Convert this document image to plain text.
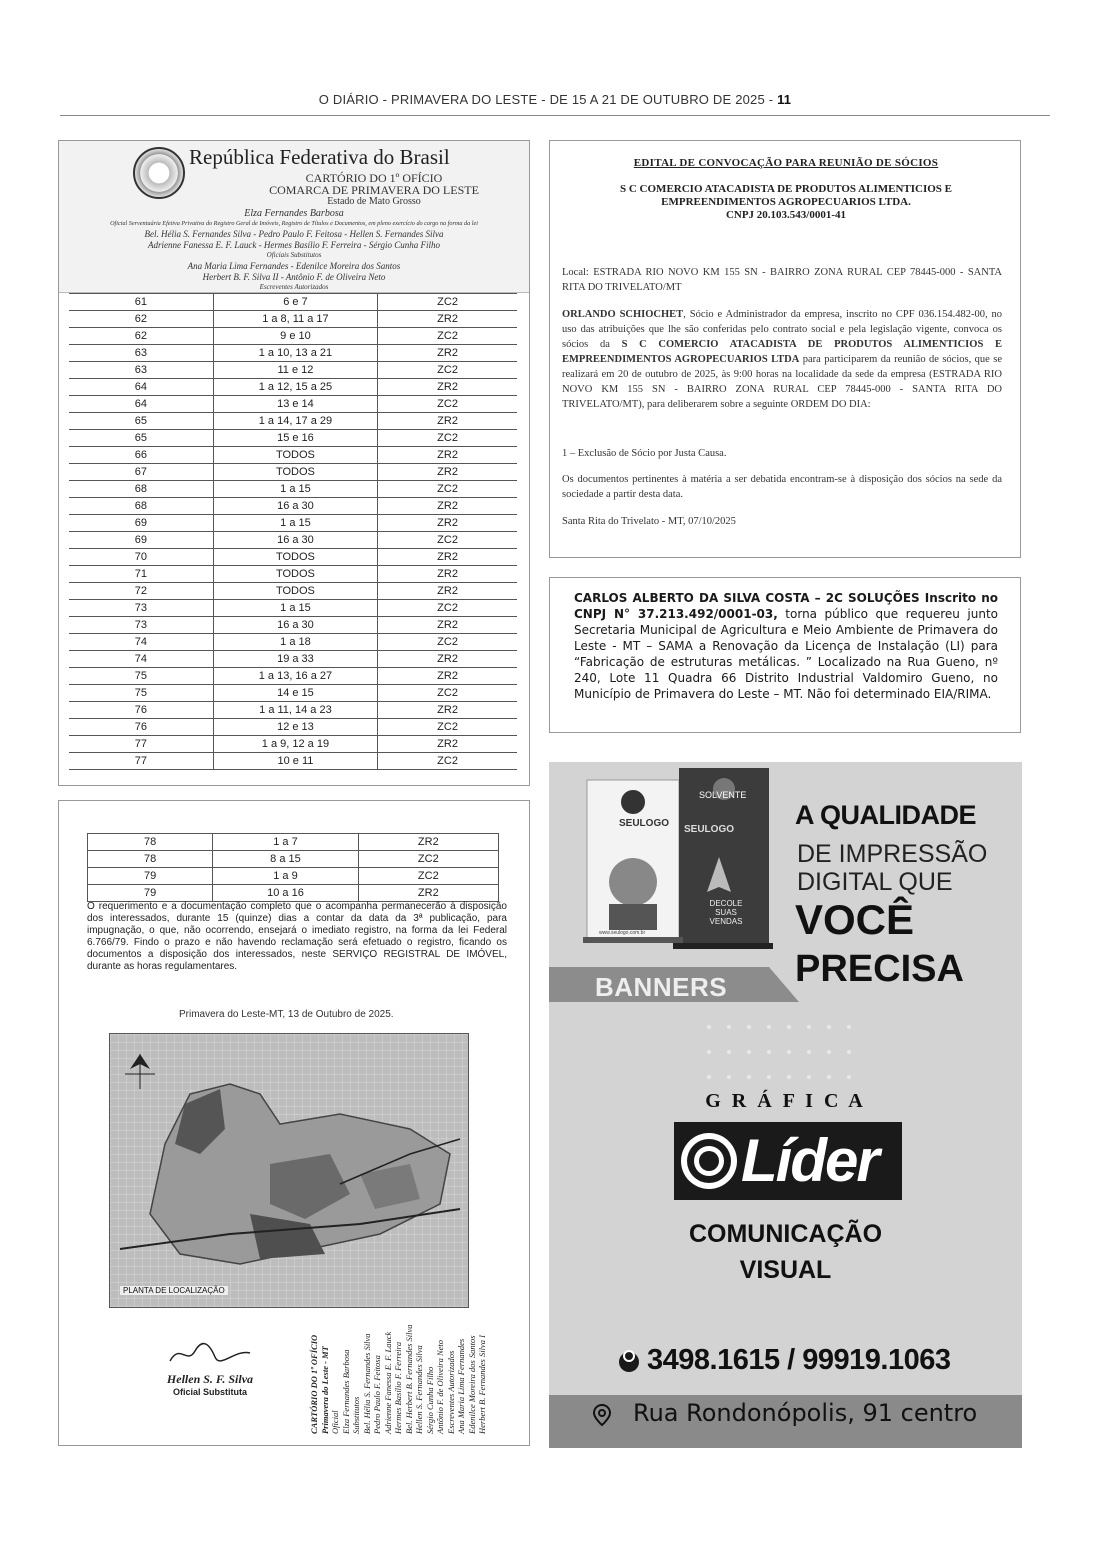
O DIÁRIO - PRIMAVERA DO LESTE - DE 15 A 21 DE OUTUBRO DE 2025 - 11
República Federativa do Brasil
CARTÓRIO DO 1º OFÍCIO
COMARCA DE PRIMAVERA DO LESTE
Estado de Mato Grosso
Elza Fernandes Barbosa
Oficial Serventuária Efetiva Privativa do Registro Geral de Imóveis, Registro de Títulos e Documentos, em pleno exercício do cargo na forma da lei
Bel. Hélia S. Fernandes Silva - Pedro Paulo F. Feitosa - Hellen S. Fernandes Silva
Adrienne Fanessa E. F. Lauck - Hermes Basílio F. Ferreira - Sérgio Cunha Filho
Oficiais Substitutos
Ana Maria Lima Fernandes - Edenilce Moreira dos Santos
Herbert B. F. Silva II - Antônio F. de Oliveira Neto
Escreventes Autorizados
61	6 e 7	ZC2
62	1 a 8, 11 a 17	ZR2
62	9 e 10	ZC2
63	1 a 10, 13 a 21	ZR2
63	11 e 12	ZC2
64	1 a 12, 15 a 25	ZR2
64	13 e 14	ZC2
65	1 a 14, 17 a 29	ZR2
65	15 e 16	ZC2
66	TODOS	ZR2
67	TODOS	ZR2
68	1 a 15	ZC2
68	16 a 30	ZR2
69	1 a 15	ZR2
69	16 a 30	ZC2
70	TODOS	ZR2
71	TODOS	ZR2
72	TODOS	ZR2
73	1 a 15	ZC2
73	16 a 30	ZR2
74	1 a 18	ZC2
74	19 a 33	ZR2
75	1 a 13, 16 a 27	ZR2
75	14 e 15	ZC2
76	1 a 11, 14 a 23	ZR2
76	12 e 13	ZC2
77	1 a 9, 12 a 19	ZR2
77	10 e 11	ZC2
78	1 a 7	ZR2
78	8 a 15	ZC2
79	1 a 9	ZC2
79	10 a 16	ZR2
O requerimento e a documentação completo que o acompanha permanecerão à disposição dos interessados, durante 15 (quinze) dias a contar da data da 3ª publicação, para impugnação, o que, não ocorrendo, ensejará o imediato registro, na forma da lei Federal 6.766/79. Findo o prazo e não havendo reclamação será efetuado o registro, ficando os documentos a disposição dos interessados, neste SERVIÇO REGISTRAL DE IMÓVEL, durante as horas regulamentares.
Primavera do Leste-MT, 13 de Outubro de 2025.
PLANTA DE LOCALIZAÇÃO
Hellen S. F. Silva
Oficial Substituta	CARTÓRIO DO 1º OFÍCIO Primavera do Leste - MT Oficial Elza Fernandes Barbosa Substitutos Bel. Hélia S. Fernandes Silva Pedro Paulo F. Feitosa Adrienne Fanessa E. F. Lauck Hermes Basílio F. Ferreira Bel. Herbert B. Fernandes Silva Hellen S. Fernandes Silva Sérgio Cunha Filho Antônio F. de Oliveira Neto Escreventes Autorizados Ana Maria Lima Fernandes Edenilce Moreira dos Santos Herbert B. Fernandes Silva I
EDITAL DE CONVOCAÇÃO PARA REUNIÃO DE SÓCIOS
S C COMERCIO ATACADISTA DE PRODUTOS ALIMENTICIOS E EMPREENDIMENTOS AGROPECUARIOS LTDA.
CNPJ 20.103.543/0001-41
Local: ESTRADA RIO NOVO KM 155 SN - BAIRRO ZONA RURAL CEP 78445-000 - SANTA RITA DO TRIVELATO/MT
ORLANDO SCHIOCHET, Sócio e Administrador da empresa, inscrito no CPF 036.154.482-00, no uso das atribuições que lhe são conferidas pelo contrato social e pela legislação vigente, convoca os sócios da S C COMERCIO ATACADISTA DE PRODUTOS ALIMENTICIOS E EMPREENDIMENTOS AGROPECUARIOS LTDA para participarem da reunião de sócios, que se realizará em 20 de outubro de 2025, às 9:00 horas na localidade da sede da empresa (ESTRADA RIO NOVO KM 155 SN - BAIRRO ZONA RURAL CEP 78445-000 - SANTA RITA DO TRIVELATO/MT), para deliberarem sobre a seguinte ORDEM DO DIA:
1 – Exclusão de Sócio por Justa Causa.
Os documentos pertinentes à matéria a ser debatida encontram-se à disposição dos sócios na sede da sociedade a partir desta data.
Santa Rita do Trivelato - MT, 07/10/2025

CARLOS ALBERTO DA SILVA COSTA – 2C SOLUÇÕES Inscrito no CNPJ N° 37.213.492/0001-03, torna público que requereu junto Secretaria Municipal de Agricultura e Meio Ambiente de Primavera do Leste - MT – SAMA a Renovação da Licença de Instalação (LI) para “Fabricação de estruturas metálicas. ” Localizado na Rua Gueno, nº 240, Lote 11 Quadra 66 Distrito Industrial Valdomiro Gueno, no Município de Primavera do Leste – MT. Não foi determinado EIA/RIMA.

SEULOGO
SOLVENTE
SEULOGO
DECOLE SUAS VENDAS
www.seulogo.com.br
BANNERS
A QUALIDADE
DE IMPRESSÃO
DIGITAL QUE
VOCÊ
PRECISA
G R Á F I C A
Líder
COMUNICAÇÃO
VISUAL
3498.1615 / 99919.1063
Rua Rondonópolis, 91 centro
